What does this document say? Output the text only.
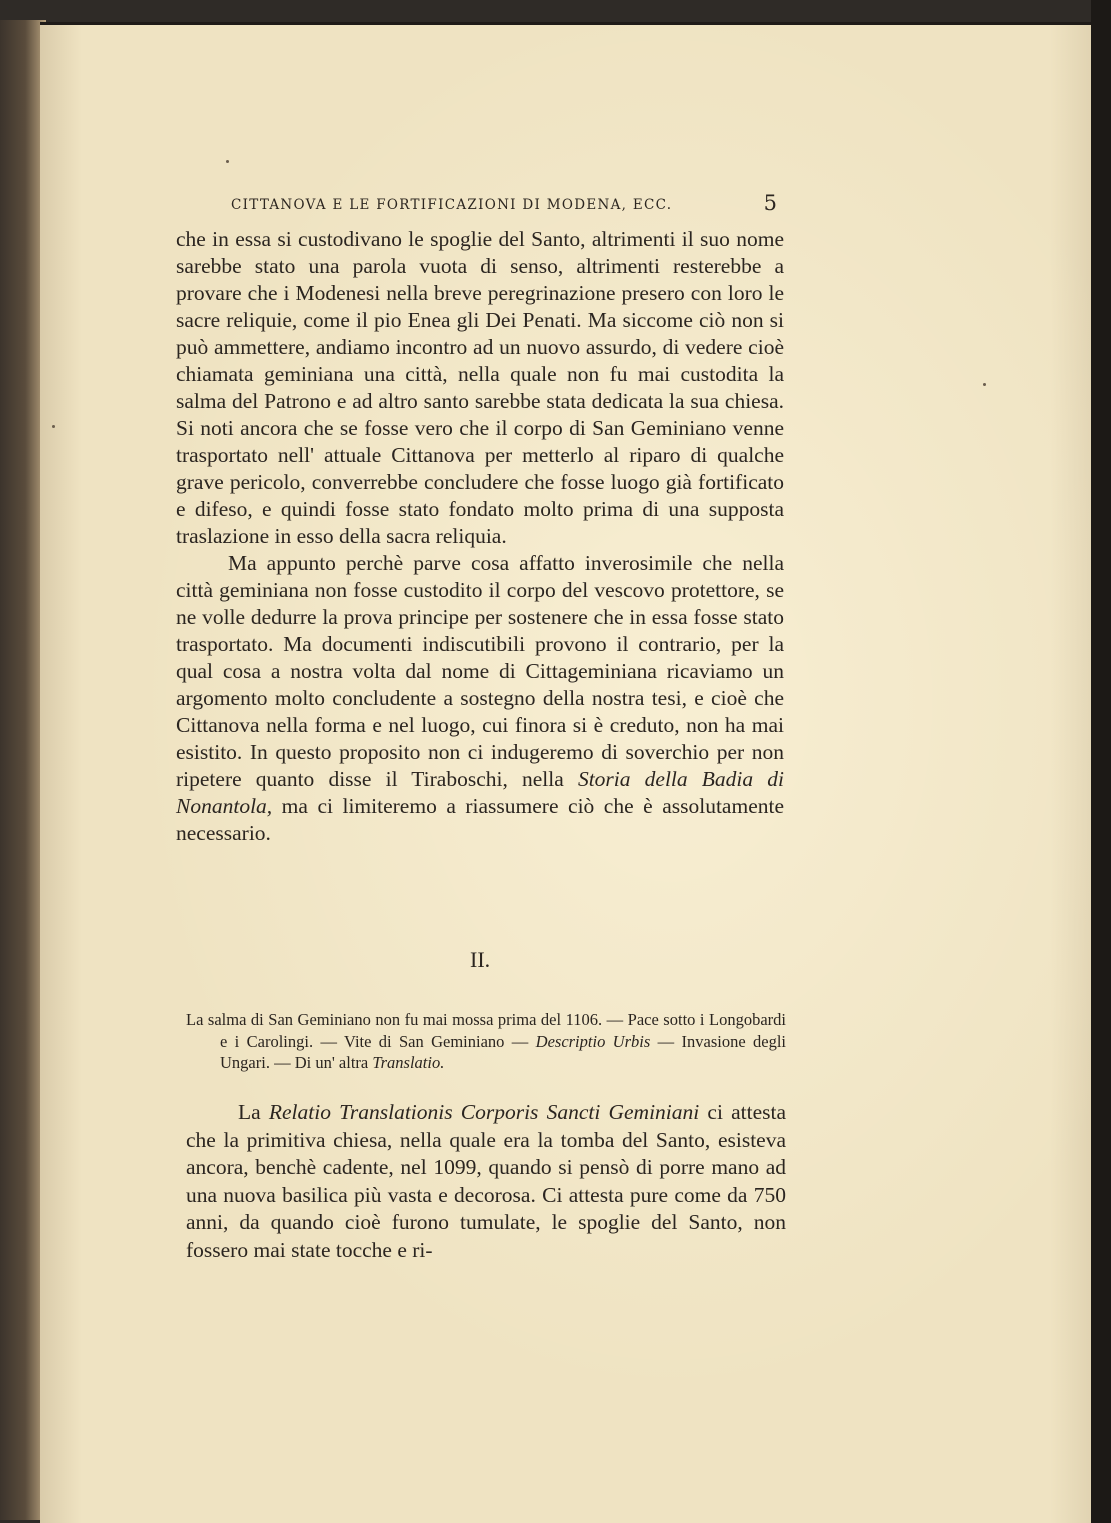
CITTANOVA E LE FORTIFICAZIONI DI MODENA, ECC.	5

che in essa si custodivano le spoglie del Santo, altrimenti il suo nome sarebbe stato una parola vuota di senso, altrimenti resterebbe a provare che i Modenesi nella breve peregrinazione presero con loro le sacre reliquie, come il pio Enea gli Dei Penati. Ma siccome ciò non si può ammettere, andiamo incontro ad un nuovo assurdo, di vedere cioè chiamata geminiana una città, nella quale non fu mai custodita la salma del Patrono e ad altro santo sarebbe stata dedicata la sua chiesa. Si noti ancora che se fosse vero che il corpo di San Geminiano venne trasportato nell' attuale Cittanova per metterlo al riparo di qualche grave pericolo, converrebbe concludere che fosse luogo già fortificato e difeso, e quindi fosse stato fondato molto prima di una supposta traslazione in esso della sacra reliquia.

Ma appunto perchè parve cosa affatto inverosimile che nella città geminiana non fosse custodito il corpo del vescovo protettore, se ne volle dedurre la prova principe per sostenere che in essa fosse stato trasportato. Ma documenti indiscutibili provono il contrario, per la qual cosa a nostra volta dal nome di Cittageminiana ricaviamo un argomento molto concludente a sostegno della nostra tesi, e cioè che Cittanova nella forma e nel luogo, cui finora si è creduto, non ha mai esistito. In questo proposito non ci indugeremo di soverchio per non ripetere quanto disse il Tiraboschi, nella Storia della Badia di Nonantola, ma ci limiteremo a riassumere ciò che è assolutamente necessario.

II.
La salma di San Geminiano non fu mai mossa prima del 1106. — Pace sotto i Longobardi e i Carolingi. — Vite di San Geminiano — Descriptio Urbis — Invasione degli Ungari. — Di un' altra Translatio.

La Relatio Translationis Corporis Sancti Geminiani ci attesta che la primitiva chiesa, nella quale era la tomba del Santo, esisteva ancora, benchè cadente, nel 1099, quando si pensò di porre mano ad una nuova basilica più vasta e decorosa. Ci attesta pure come da 750 anni, da quando cioè furono tumulate, le spoglie del Santo, non fossero mai state tocche e ri-
